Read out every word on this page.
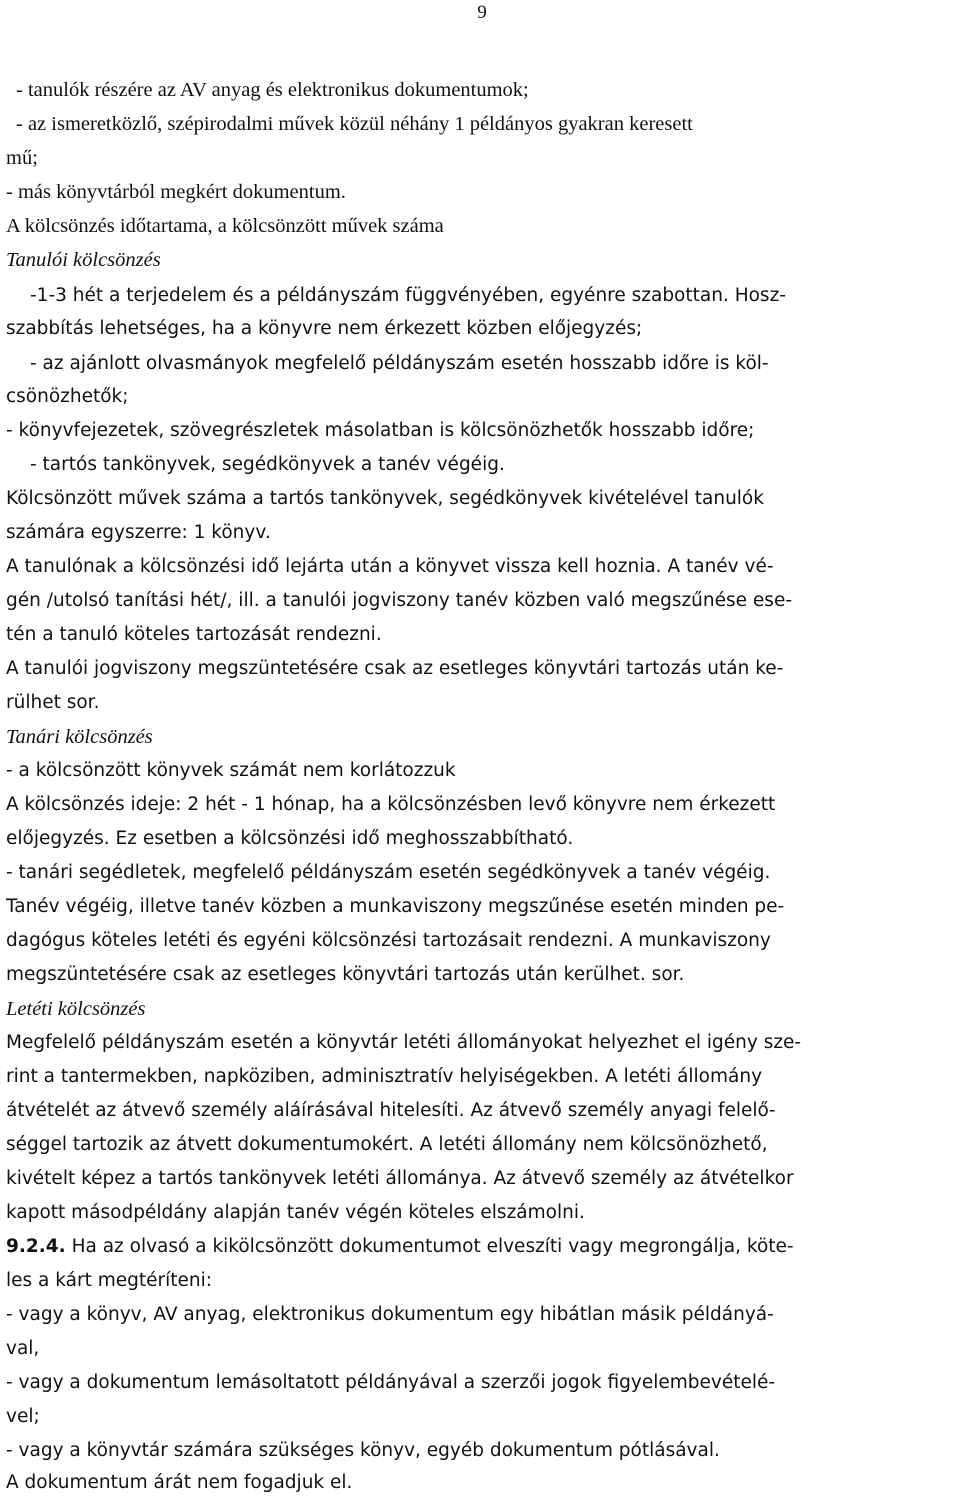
9
- tanulók részére az AV anyag és elektronikus dokumentumok;
- az ismeretközlő, szépirodalmi művek közül néhány 1 példányos gyakran keresett
mű;
- más könyvtárból megkért dokumentum.
A kölcsönzés időtartama, a kölcsönzött művek száma
Tanulói kölcsönzés
-1-3 hét a terjedelem és a példányszám függvényében, egyénre szabottan. Hosz-
szabbítás lehetséges, ha a könyvre nem érkezett közben előjegyzés;
- az ajánlott olvasmányok megfelelő példányszám esetén hosszabb időre is köl-
csönözhetők;
- könyvfejezetek, szövegrészletek másolatban is kölcsönözhetők hosszabb időre;
- tartós tankönyvek, segédkönyvek a tanév végéig.
Kölcsönzött művek száma a tartós tankönyvek, segédkönyvek kivételével tanulók
számára egyszerre: 1 könyv.
A tanulónak a kölcsönzési idő lejárta után a könyvet vissza kell hoznia. A tanév vé-
gén /utolsó tanítási hét/, ill. a tanulói jogviszony tanév közben való megszűnése ese-
tén a tanuló köteles tartozását rendezni.
A tanulói jogviszony megszüntetésére csak az esetleges könyvtári tartozás után ke-
rülhet sor.
Tanári kölcsönzés
- a kölcsönzött könyvek számát nem korlátozzuk
A kölcsönzés ideje: 2 hét - 1 hónap, ha a kölcsönzésben levő könyvre nem érkezett
előjegyzés. Ez esetben a kölcsönzési idő meghosszabbítható.
- tanári segédletek, megfelelő példányszám esetén segédkönyvek a tanév végéig.
Tanév végéig, illetve tanév közben a munkaviszony megszűnése esetén minden pe-
dagógus köteles letéti és egyéni kölcsönzési tartozásait rendezni. A munkaviszony
megszüntetésére csak az esetleges könyvtári tartozás után kerülhet. sor.
Letéti kölcsönzés
Megfelelő példányszám esetén a könyvtár letéti állományokat helyezhet el igény sze-
rint a tantermekben, napköziben, adminisztratív helyiségekben. A letéti állomány
átvételét az átvevő személy aláírásával hitelesíti. Az átvevő személy anyagi felelő-
séggel tartozik az átvett dokumentumokért. A letéti állomány nem kölcsönözhető,
kivételt képez a tartós tankönyvek letéti állománya. Az átvevő személy az átvételkor
kapott másodpéldány alapján tanév végén köteles elszámolni.
9.2.4. Ha az olvasó a kikölcsönzött dokumentumot elveszíti vagy megrongálja, köte-
les a kárt megtéríteni:
- vagy a könyv, AV anyag, elektronikus dokumentum egy hibátlan másik példányá-
val,
- vagy a dokumentum lemásoltatott példányával a szerzői jogok figyelembevételé-
vel;
- vagy a könyvtár számára szükséges könyv, egyéb dokumentum pótlásával.
A dokumentum árát nem fogadjuk el.
